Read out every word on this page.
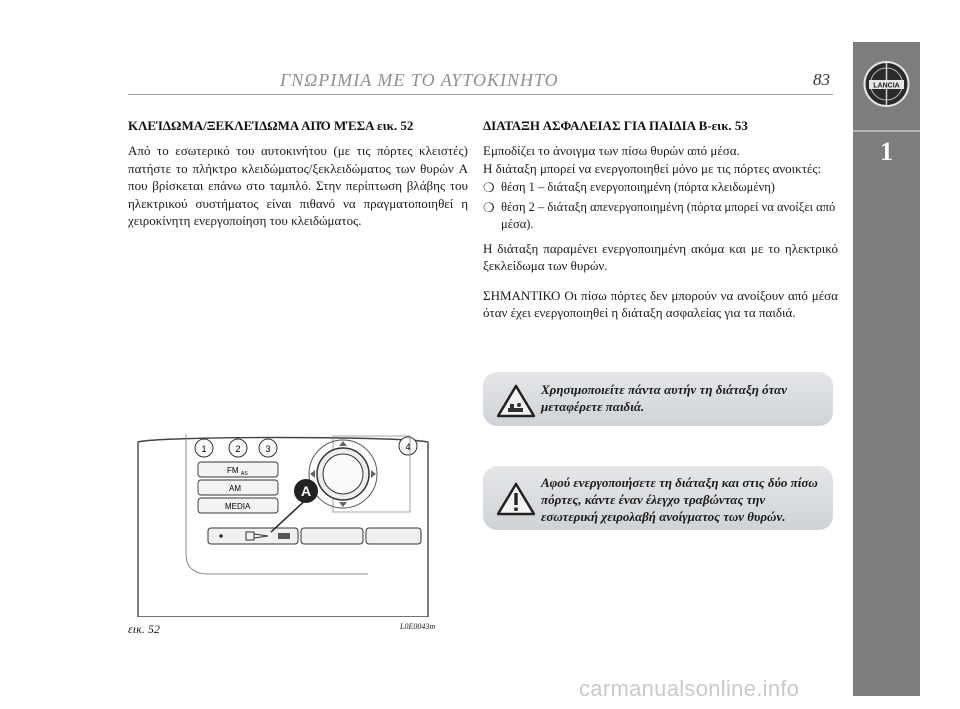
ΓΝΩΡΙΜΙΑ ΜΕ ΤΟ ΑΥΤΟΚΙΝΗΤΟ	83	LANCIA
1

ΚΛΕΊΔΩΜΑ/ΞΕΚΛΕΊΔΩΜΑ ΑΠΌ ΜΈΣΑ εικ. 52

Από το εσωτερικό του αυτοκινήτου (με τις πόρτες κλειστές) πατήστε το πλήκτρο κλειδώματος/ξεκλειδώματος των θυρών A που βρίσκεται επάνω στο ταμπλό. Στην περίπτωση βλάβης του ηλεκτρικού συστήματος είναι πιθανό να πραγματοποιηθεί η χειροκίνητη ενεργοποίηση του κλειδώματος.

ΔΙΑΤΑΞΗ ΑΣΦΑΛΕΙΑΣ ΓΙΑ ΠΑΙΔΙΑ B-εικ. 53

Εμποδίζει το άνοιγμα των πίσω θυρών από μέσα.

Η διάταξη μπορεί να ενεργοποιηθεί μόνο με τις πόρτες ανοικτές:

❍ θέση 1 – διάταξη ενεργοποιημένη (πόρτα κλειδωμένη)
❍ θέση 2 – διάταξη απενεργοποιημένη (πόρτα μπορεί να ανοίξει από μέσα).

Η διάταξη παραμένει ενεργοποιημένη ακόμα και με το ηλεκτρικό ξεκλείδωμα των θυρών.

ΣΗΜΑΝΤΙΚΟ Οι πίσω πόρτες δεν μπορούν να ανοίξουν από μέσα όταν έχει ενεργοποιηθεί η διάταξη ασφαλείας για τα παιδιά.

Χρησιμοποιείτε πάντα αυτήν τη διάταξη όταν μεταφέρετε παιδιά.
Αφού ενεργοποιήσετε τη διάταξη και στις δύο πίσω πόρτες, κάντε έναν έλεγχο τραβώντας την εσωτερική χειρολαβή ανοίγματος των θυρών.
1	2	3	4
FM AS
AM
MEDIA
A
εικ. 52	L0E0043m
carmanualsonline.info
